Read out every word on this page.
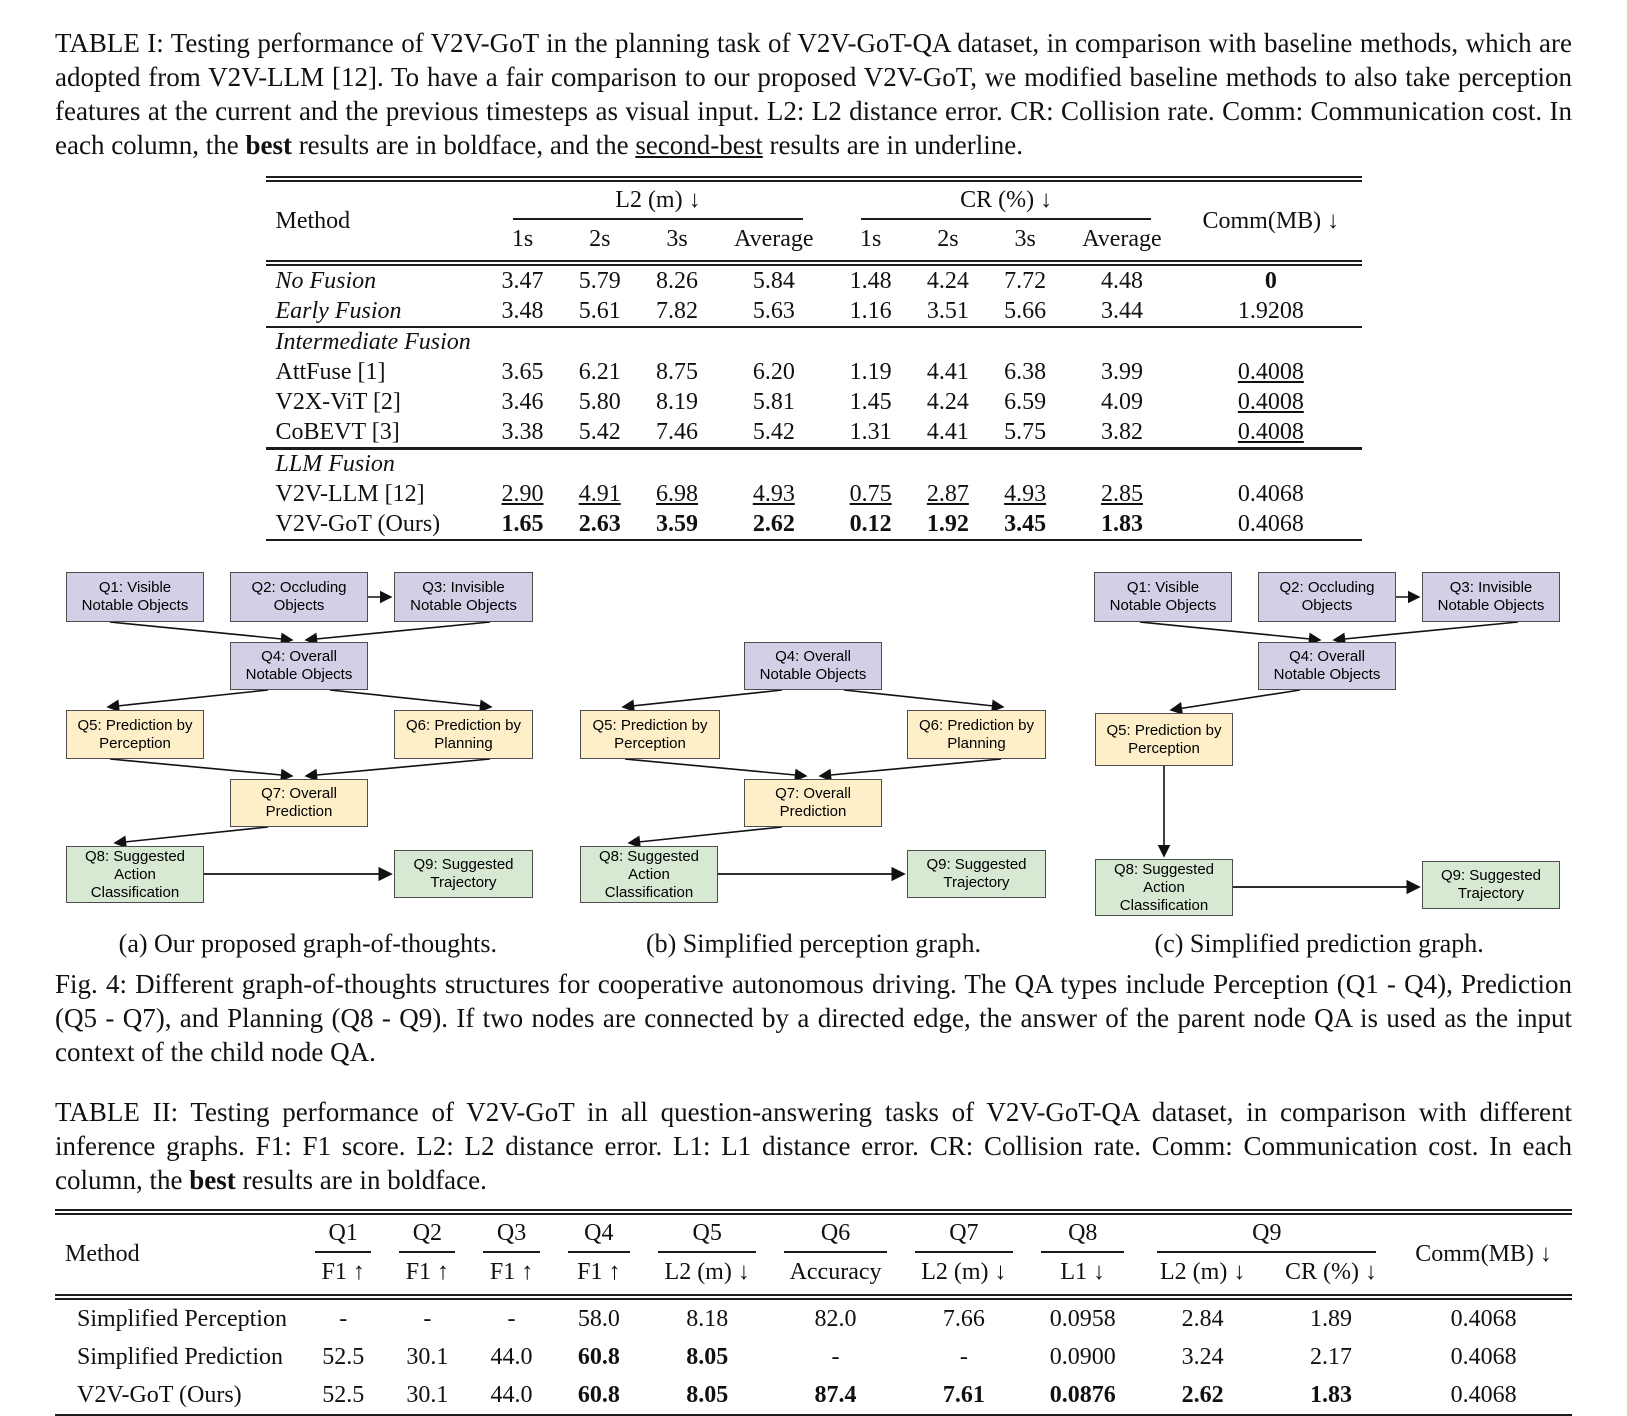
TABLE I: Testing performance of V2V-GoT in the planning task of V2V-GoT-QA dataset, in comparison with baseline methods, which are adopted from V2V-LLM [12]. To have a fair comparison to our proposed V2V-GoT, we modified baseline methods to also take perception features at the current and the previous timesteps as visual input. L2: L2 distance error. CR: Collision rate. Comm: Communication cost. In each column, the best results are in boldface, and the second-best results are in underline.

Method	L2 (m) ↓				CR (%) ↓				Comm(MB) ↓
	1s	2s	3s	Average	1s	2s	3s	Average	
No Fusion	3.47	5.79	8.26	5.84	1.48	4.24	7.72	4.48	0
Early Fusion	3.48	5.61	7.82	5.63	1.16	3.51	5.66	3.44	1.9208
Intermediate Fusion									
AttFuse [1]	3.65	6.21	8.75	6.20	1.19	4.41	6.38	3.99	0.4008
V2X-ViT [2]	3.46	5.80	8.19	5.81	1.45	4.24	6.59	4.09	0.4008
CoBEVT [3]	3.38	5.42	7.46	5.42	1.31	4.41	5.75	3.82	0.4008
LLM Fusion									
V2V-LLM [12]	2.90	4.91	6.98	4.93	0.75	2.87	4.93	2.85	0.4068
V2V-GoT (Ours)	1.65	2.63	3.59	2.62	0.12	1.92	3.45	1.83	0.4068
Q1: Visible
Notable Objects
Q2: Occluding
Objects
Q3: Invisible
Notable Objects
Q4: Overall
Notable Objects
Q5: Prediction by
Perception
Q6: Prediction by
Planning
Q7: Overall
Prediction
Q8: Suggested
Action
Classification
Q9: Suggested
Trajectory
Q4: Overall
Notable Objects
Q5: Prediction by
Perception
Q6: Prediction by
Planning
Q7: Overall
Prediction
Q8: Suggested
Action
Classification
Q9: Suggested
Trajectory
Q1: Visible
Notable Objects
Q2: Occluding
Objects
Q3: Invisible
Notable Objects
Q4: Overall
Notable Objects
Q5: Prediction by
Perception
Q8: Suggested
Action
Classification
Q9: Suggested
Trajectory
(a) Our proposed graph-of-thoughts.	(b) Simplified perception graph.	(c) Simplified prediction graph.

Fig. 4: Different graph-of-thoughts structures for cooperative autonomous driving. The QA types include Perception (Q1 - Q4), Prediction (Q5 - Q7), and Planning (Q8 - Q9). If two nodes are connected by a directed edge, the answer of the parent node QA is used as the input context of the child node QA.

TABLE II: Testing performance of V2V-GoT in all question-answering tasks of V2V-GoT-QA dataset, in comparison with different inference graphs. F1: F1 score. L2: L2 distance error. L1: L1 distance error. CR: Collision rate. Comm: Communication cost. In each column, the best results are in boldface.

Method	Q1	Q2	Q3	Q4	Q5	Q6	Q7	Q8	Q9		Comm(MB) ↓
	F1 ↑	F1 ↑	F1 ↑	F1 ↑	L2 (m) ↓	Accuracy	L2 (m) ↓	L1 ↓	L2 (m) ↓	CR (%) ↓	
Simplified Perception	-	-	-	58.0	8.18	82.0	7.66	0.0958	2.84	1.89	0.4068
Simplified Prediction	52.5	30.1	44.0	60.8	8.05	-	-	0.0900	3.24	2.17	0.4068
V2V-GoT (Ours)	52.5	30.1	44.0	60.8	8.05	87.4	7.61	0.0876	2.62	1.83	0.4068
